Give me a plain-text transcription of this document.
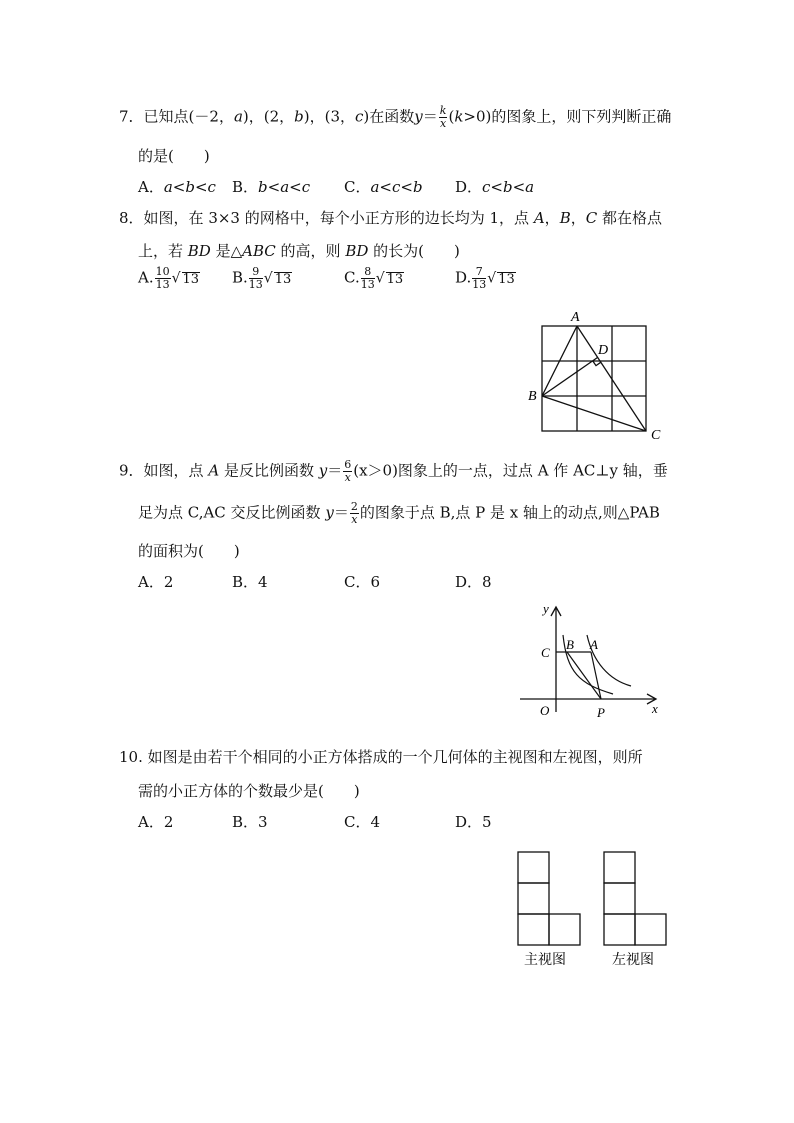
7．已知点(－2，a)，(2，b)，(3，c)在函数$y= \frac{k}{x} (k>0)$的图象上，则下列判断正确
的是(　　)
A．a<b<c B．b<a<c C．a<c<b D．c<b<a
8．如图，在 3×3 的网格中，每个小正方形的边长均为 1，点 A，B，C 都在格点
上，若 BD 是△ABC 的高，则 BD 的长为(　　)
A. $\frac{10}{13}$ √ 13 B. $\frac{9}{13}$ √ 13	C. $\frac{8}{13}$ √ 13	D. $\frac{7}{13}$ √ 13
A
D
B
C
9．如图，点 A 是反比例函数 $y= \frac{6}{x} (x>0)$图象上的一点，过点 A 作 AC⊥y 轴，垂
足为点 C,AC 交反比例函数 $y= \frac{2}{x}$ 的图象于点 B,点 P 是 x 轴上的动点,则△PAB
的面积为(　　)
A．2	B．4	C．6	D．8
y
x
O
C
B A
P
10. 如图是由若干个相同的小正方体搭成的一个几何体的主视图和左视图，则所
需的小正方体的个数最少是(　　)
A．2	B．3	C．4	D．5
主视图	左视图
